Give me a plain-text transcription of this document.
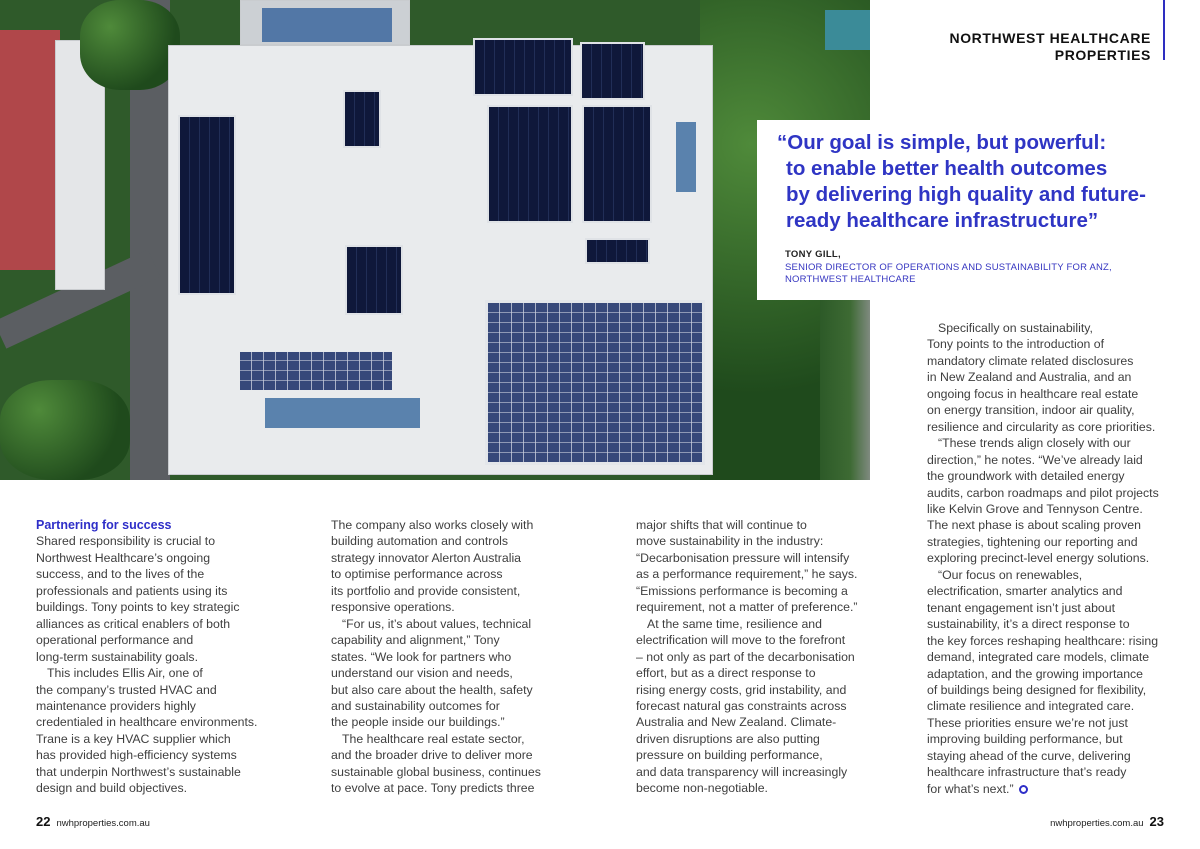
NORTHWEST HEALTHCARE
PROPERTIES
“Our goal is simple, but powerful:
to enable better health outcomes
by delivering high quality and future-
ready healthcare infrastructure”
TONY GILL,
SENIOR DIRECTOR OF OPERATIONS AND SUSTAINABILITY FOR ANZ,
NORTHWEST HEALTHCARE
Partnering for success
Shared responsibility is crucial to
Northwest Healthcare’s ongoing
success, and to the lives of the
professionals and patients using its
buildings. Tony points to key strategic
alliances as critical enablers of both
operational performance and
long-term sustainability goals.
This includes Ellis Air, one of
the company’s trusted HVAC and
maintenance providers highly
credentialed in healthcare environments.
Trane is a key HVAC supplier which
has provided high-efficiency systems
that underpin Northwest’s sustainable
design and build objectives.
The company also works closely with
building automation and controls
strategy innovator Alerton Australia
to optimise performance across
its portfolio and provide consistent,
responsive operations.
“For us, it’s about values, technical
capability and alignment,” Tony
states. “We look for partners who
understand our vision and needs,
but also care about the health, safety
and sustainability outcomes for
the people inside our buildings.”
The healthcare real estate sector,
and the broader drive to deliver more
sustainable global business, continues
to evolve at pace. Tony predicts three
major shifts that will continue to
move sustainability in the industry:
“Decarbonisation pressure will intensify
as a performance requirement,” he says.
“Emissions performance is becoming a
requirement, not a matter of preference.”
At the same time, resilience and
electrification will move to the forefront
– not only as part of the decarbonisation
effort, but as a direct response to
rising energy costs, grid instability, and
forecast natural gas constraints across
Australia and New Zealand. Climate-
driven disruptions are also putting
pressure on building performance,
and data transparency will increasingly
become non-negotiable.
Specifically on sustainability,
Tony points to the introduction of
mandatory climate related disclosures
in New Zealand and Australia, and an
ongoing focus in healthcare real estate
on energy transition, indoor air quality,
resilience and circularity as core priorities.
“These trends align closely with our
direction,” he notes. “We’ve already laid
the groundwork with detailed energy
audits, carbon roadmaps and pilot projects
like Kelvin Grove and Tennyson Centre.
The next phase is about scaling proven
strategies, tightening our reporting and
exploring precinct-level energy solutions.
“Our focus on renewables,
electrification, smarter analytics and
tenant engagement isn’t just about
sustainability, it’s a direct response to
the key forces reshaping healthcare: rising
demand, integrated care models, climate
adaptation, and the growing importance
of buildings being designed for flexibility,
climate resilience and integrated care.
These priorities ensure we’re not just
improving building performance, but
staying ahead of the curve, delivering
healthcare infrastructure that’s ready
for what’s next.”
22 nwhproperties.com.au	nwhproperties.com.au 23
